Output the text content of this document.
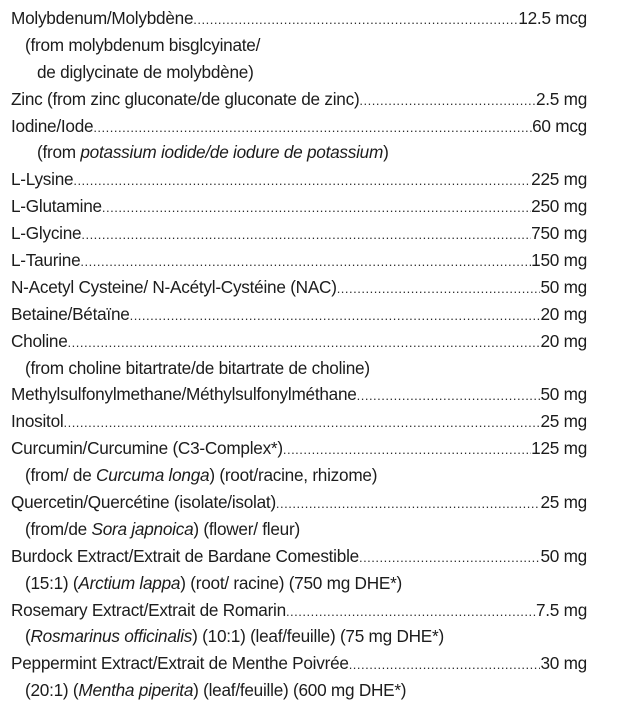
Molybdenum/Molybdène .....	12.5 mcg
(from molybdenum bisglcyinate/
de diglycinate de molybdène)
Zinc (from zinc gluconate/de gluconate de zinc) .....	2.5 mg
Iodine/Iode .....	60 mcg
(from potassium iodide/de iodure de potassium)
L-Lysine .....	225 mg
L-Glutamine .....	250 mg
L-Glycine .....	750 mg
L-Taurine .....	150 mg
N-Acetyl Cysteine/ N-Acétyl-Cystéine (NAC) .....	50 mg
Betaine/Bétaïne .....	20 mg
Choline .....	20 mg
(from choline bitartrate/de bitartrate de choline)
Methylsulfonylmethane/Méthylsulfonylméthane .....	50 mg
Inositol .....	25 mg
Curcumin/Curcumine (C3-Complex*) .....	125 mg
(from/ de Curcuma longa) (root/racine, rhizome)
Quercetin/Quercétine (isolate/isolat) .....	25 mg
(from/de Sora japnoica) (flower/ fleur)
Burdock Extract/Extrait de Bardane Comestible .....	50 mg
(15:1) (Arctium lappa) (root/ racine) (750 mg DHE*)
Rosemary Extract/Extrait de Romarin .....	7.5 mg
(Rosmarinus officinalis) (10:1) (leaf/feuille) (75 mg DHE*)
Peppermint Extract/Extrait de Menthe Poivrée .....	30 mg
(20:1) (Mentha piperita) (leaf/feuille) (600 mg DHE*)
